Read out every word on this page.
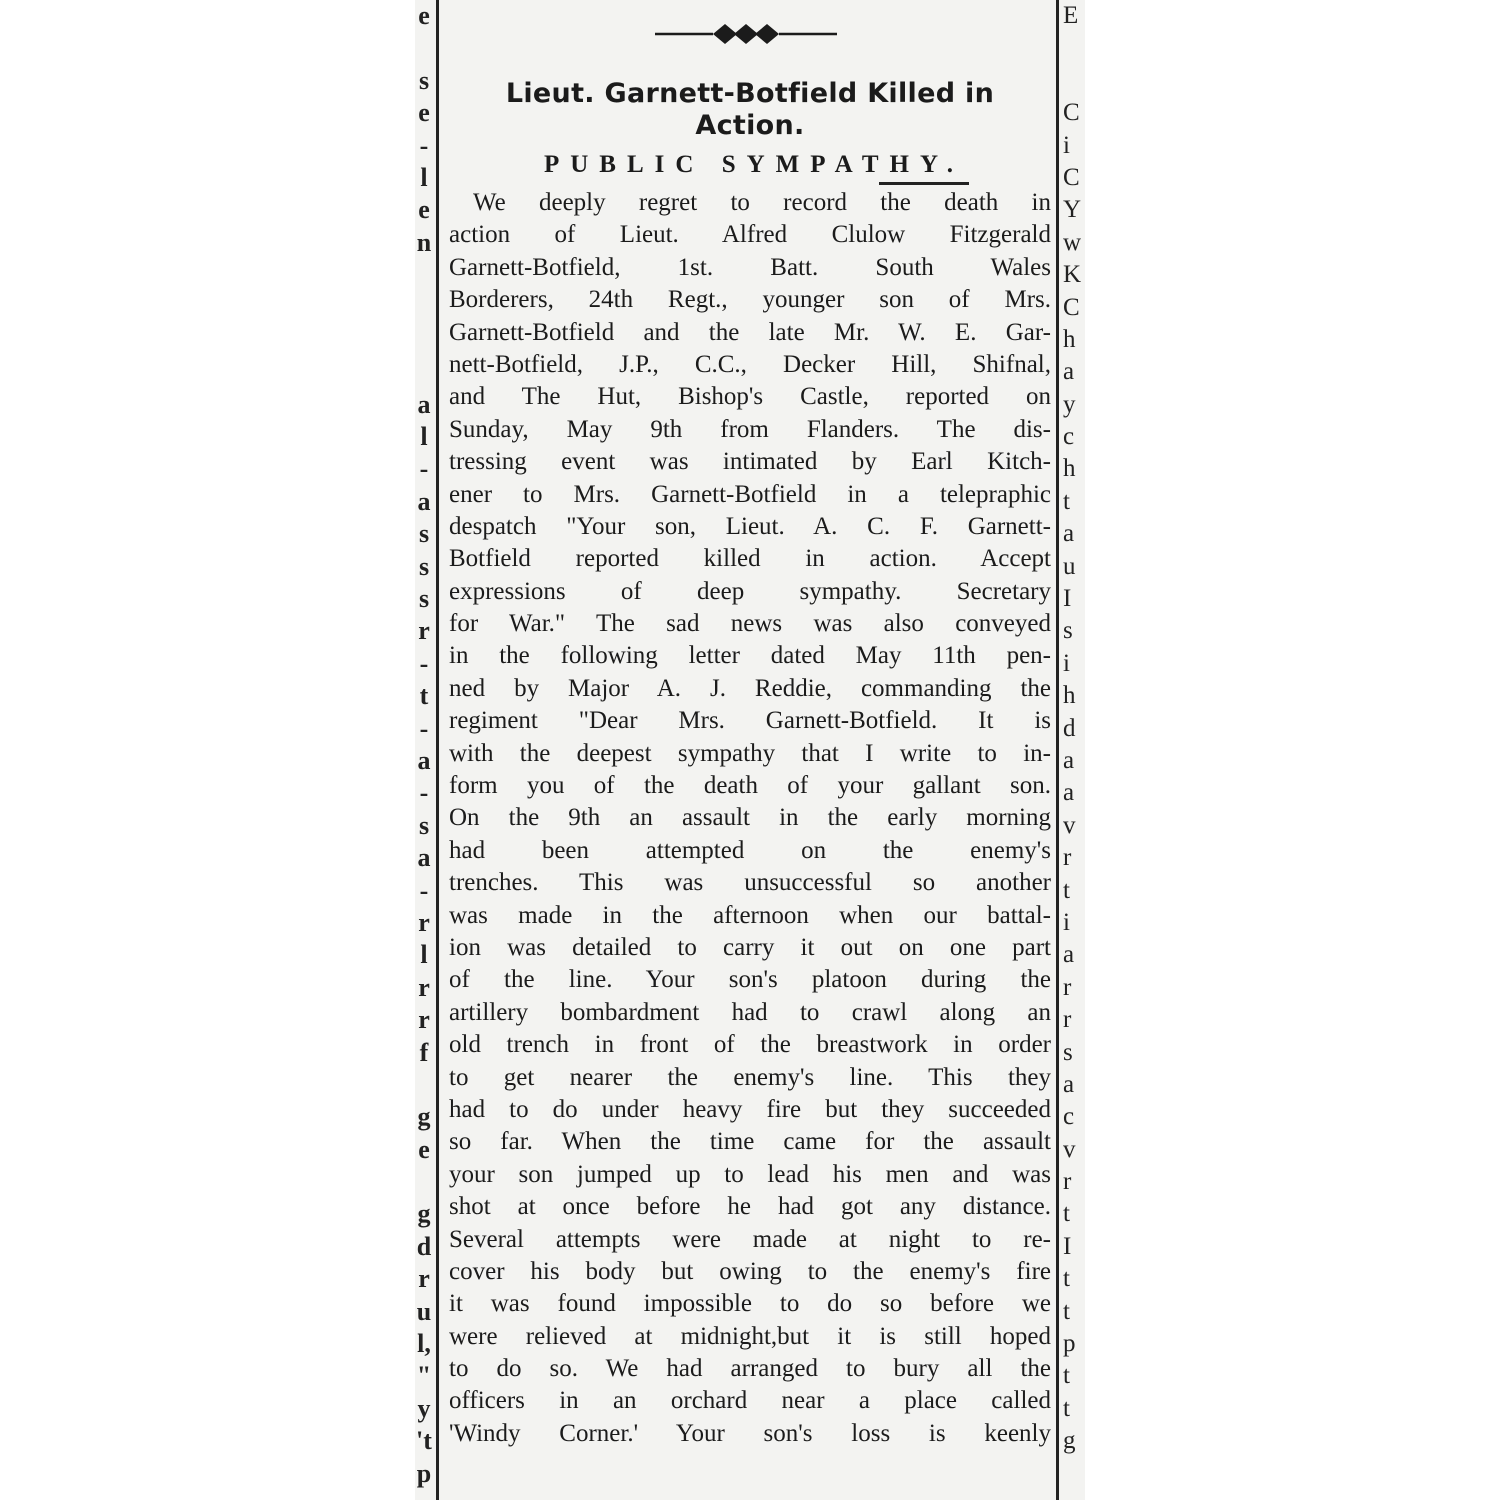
e
s
e
-
l
e
n
a
l
-
a
s
s
s
r
-
t
-
a
-
s
a
-
r
l
r
r
f
g
e
g
d
r
u
l,
"
y
't
p
E
C
i
C
Y
w
K
C
h
a
y
c
h
t
a
u
I
s
i
h
d
a
a
v
r
t
i
a
r
r
s
a
c
v
r
t
I
t
t
p
t
t
g
Lieut. Garnett-Botfield Killed in
Action.
PUBLIC SYMPATHY.
We deeply regret to record the death in
action of Lieut. Alfred Clulow Fitzgerald
Garnett-Botfield, 1st. Batt. South Wales
Borderers, 24th Regt., younger son of Mrs.
Garnett-Botfield and the late Mr. W. E. Gar-
nett-Botfield, J.P., C.C., Decker Hill, Shifnal,
and The Hut, Bishop's Castle, reported on
Sunday, May 9th from Flanders. The dis-
tressing event was intimated by Earl Kitch-
ener to Mrs. Garnett-Botfield in a telepraphic
despatch "Your son, Lieut. A. C. F. Garnett-
Botfield reported killed in action. Accept
expressions of deep sympathy. Secretary
for War." The sad news was also conveyed
in the following letter dated May 11th pen-
ned by Major A. J. Reddie, commanding the
regiment "Dear Mrs. Garnett-Botfield. It is
with the deepest sympathy that I write to in-
form you of the death of your gallant son.
On the 9th an assault in the early morning
had been attempted on the enemy's
trenches. This was unsuccessful so another
was made in the afternoon when our battal-
ion was detailed to carry it out on one part
of the line. Your son's platoon during the
artillery bombardment had to crawl along an
old trench in front of the breastwork in order
to get nearer the enemy's line. This they
had to do under heavy fire but they succeeded
so far. When the time came for the assault
your son jumped up to lead his men and was
shot at once before he had got any distance.
Several attempts were made at night to re-
cover his body but owing to the enemy's fire
it was found impossible to do so before we
were relieved at midnight,but it is still hoped
to do so. We had arranged to bury all the
officers in an orchard near a place called
'Windy Corner.' Your son's loss is keenly
